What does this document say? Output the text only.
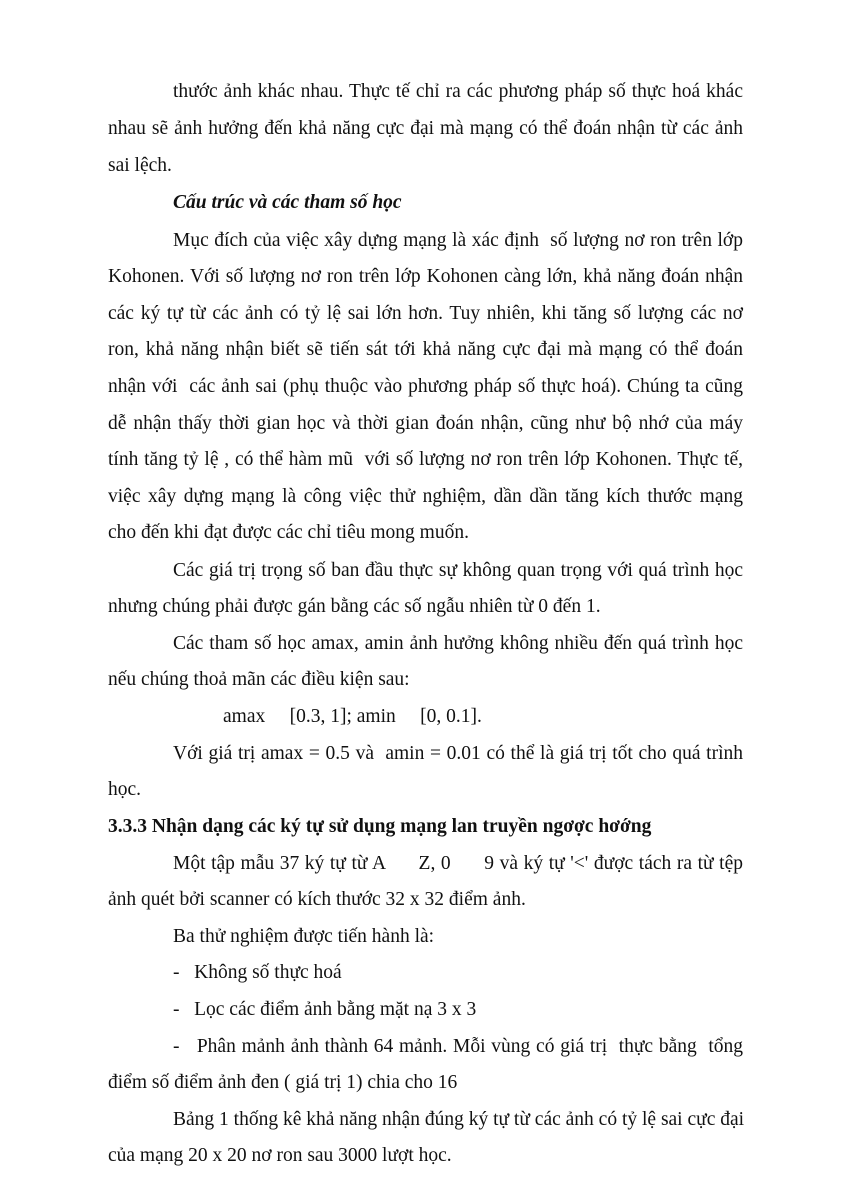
thước ảnh khác nhau. Thực tế chỉ ra các phương pháp số thực hoá khác
nhau sẽ ảnh hưởng đến khả năng cực đại mà mạng có thể đoán nhận từ các ảnh
sai lệch.
Cấu trúc và các tham số học
Mục đích của việc xây dựng mạng là xác định  số lượng nơ ron trên lớp
Kohonen. Với số lượng nơ ron trên lớp Kohonen càng lớn, khả năng đoán nhận
các ký tự từ các ảnh có tỷ lệ sai lớn hơn. Tuy nhiên, khi tăng số lượng các nơ
ron, khả năng nhận biết sẽ tiến sát tới khả năng cực đại mà mạng có thể đoán
nhận với  các ảnh sai (phụ thuộc vào phương pháp số thực hoá). Chúng ta cũng
dễ nhận thấy thời gian học và thời gian đoán nhận, cũng như bộ nhớ của máy
tính tăng tỷ lệ , có thể hàm mũ  với số lượng nơ ron trên lớp Kohonen. Thực tế,
việc xây dựng mạng là công việc thử nghiệm, dần dần tăng kích thước mạng
cho đến khi đạt được các chỉ tiêu mong muốn.
Các giá trị trọng số ban đầu thực sự không quan trọng với quá trình học
nhưng chúng phải được gán bằng các số ngẫu nhiên từ 0 đến 1.
Các tham số học amax, amin ảnh hưởng không nhiều đến quá trình học
nếu chúng thoả mãn các điều kiện sau:
amax     [0.3, 1]; amin     [0, 0.1].
Với giá trị amax = 0.5 và  amin = 0.01 có thể là giá trị tốt cho quá trình
học.
3.3.3 Nhận dạng các ký tự sử dụng mạng lan truyền ngơợc hơớng
Một tập mẫu 37 ký tự từ A      Z, 0      9 và ký tự '<' được tách ra từ tệp
ảnh quét bởi scanner có kích thước 32 x 32 điểm ảnh.
Ba thử nghiệm được tiến hành là:
-   Không số thực hoá
-   Lọc các điểm ảnh bằng mặt nạ 3 x 3
-   Phân mảnh ảnh thành 64 mảnh. Mỗi vùng có giá trị  thực bằng  tổng
điểm số điểm ảnh đen ( giá trị 1) chia cho 16
Bảng 1 thống kê khả năng nhận đúng ký tự từ các ảnh có tỷ lệ sai cực đại
của mạng 20 x 20 nơ ron sau 3000 lượt học.
